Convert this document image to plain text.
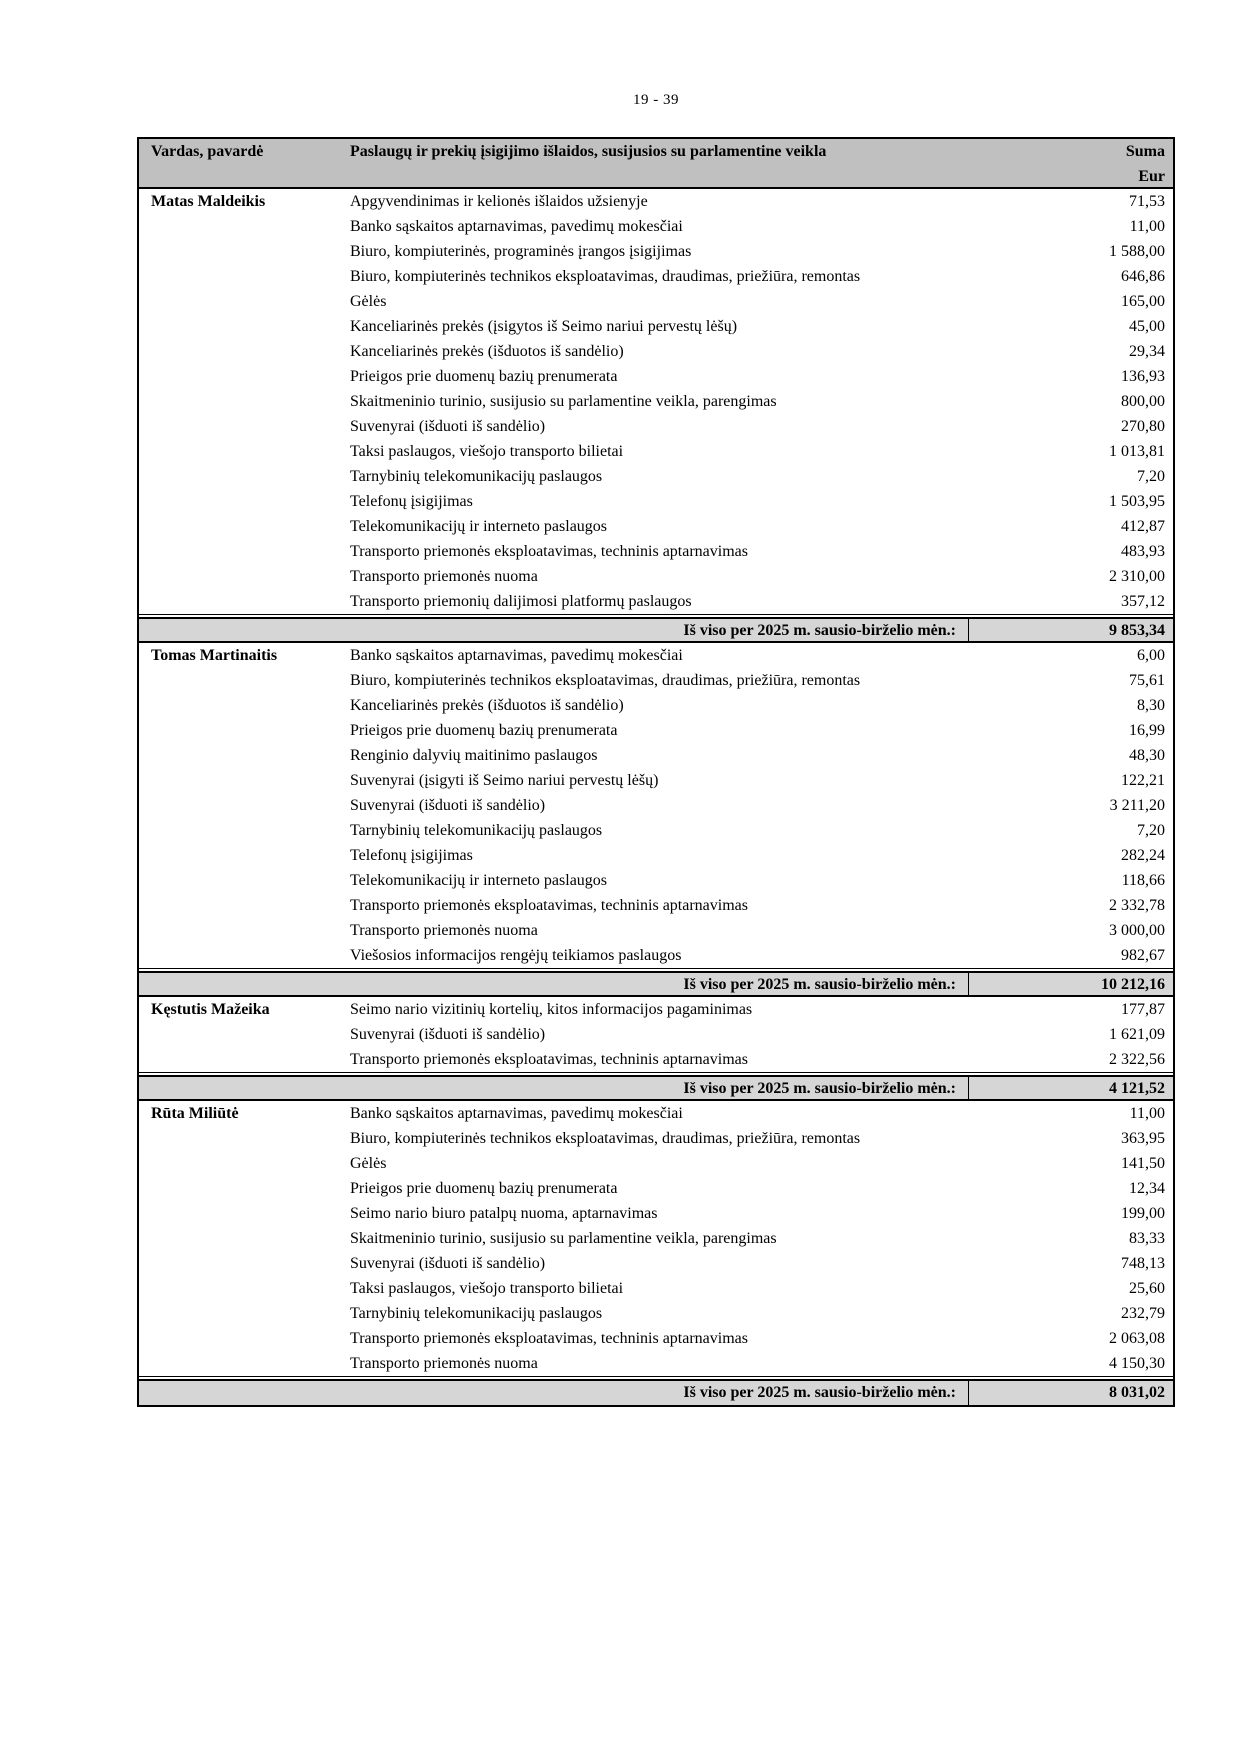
19 - 39
Vardas, pavardė	Paslaugų ir prekių įsigijimo išlaidos, susijusios su parlamentine veikla	Suma
Eur
Matas Maldeikis	Apgyvendinimas ir kelionės išlaidos užsienyje	71,53
Banko sąskaitos aptarnavimas, pavedimų mokesčiai	11,00
Biuro, kompiuterinės, programinės įrangos įsigijimas	1 588,00
Biuro, kompiuterinės technikos eksploatavimas, draudimas, priežiūra, remontas	646,86
Gėlės	165,00
Kanceliarinės prekės (įsigytos iš Seimo nariui pervestų lėšų)	45,00
Kanceliarinės prekės (išduotos iš sandėlio)	29,34
Prieigos prie duomenų bazių prenumerata	136,93
Skaitmeninio turinio, susijusio su parlamentine veikla, parengimas	800,00
Suvenyrai (išduoti iš sandėlio)	270,80
Taksi paslaugos, viešojo transporto bilietai	1 013,81
Tarnybinių telekomunikacijų paslaugos	7,20
Telefonų įsigijimas	1 503,95
Telekomunikacijų ir interneto paslaugos	412,87
Transporto priemonės eksploatavimas, techninis aptarnavimas	483,93
Transporto priemonės nuoma	2 310,00
Transporto priemonių dalijimosi platformų paslaugos	357,12
Iš viso per 2025 m. sausio-birželio mėn.:	9 853,34
Tomas Martinaitis	Banko sąskaitos aptarnavimas, pavedimų mokesčiai	6,00
Biuro, kompiuterinės technikos eksploatavimas, draudimas, priežiūra, remontas	75,61
Kanceliarinės prekės (išduotos iš sandėlio)	8,30
Prieigos prie duomenų bazių prenumerata	16,99
Renginio dalyvių maitinimo paslaugos	48,30
Suvenyrai (įsigyti iš Seimo nariui pervestų lėšų)	122,21
Suvenyrai (išduoti iš sandėlio)	3 211,20
Tarnybinių telekomunikacijų paslaugos	7,20
Telefonų įsigijimas	282,24
Telekomunikacijų ir interneto paslaugos	118,66
Transporto priemonės eksploatavimas, techninis aptarnavimas	2 332,78
Transporto priemonės nuoma	3 000,00
Viešosios informacijos rengėjų teikiamos paslaugos	982,67
Iš viso per 2025 m. sausio-birželio mėn.:	10 212,16
Kęstutis Mažeika	Seimo nario vizitinių kortelių, kitos informacijos pagaminimas	177,87
Suvenyrai (išduoti iš sandėlio)	1 621,09
Transporto priemonės eksploatavimas, techninis aptarnavimas	2 322,56
Iš viso per 2025 m. sausio-birželio mėn.:	4 121,52
Rūta Miliūtė	Banko sąskaitos aptarnavimas, pavedimų mokesčiai	11,00
Biuro, kompiuterinės technikos eksploatavimas, draudimas, priežiūra, remontas	363,95
Gėlės	141,50
Prieigos prie duomenų bazių prenumerata	12,34
Seimo nario biuro patalpų nuoma, aptarnavimas	199,00
Skaitmeninio turinio, susijusio su parlamentine veikla, parengimas	83,33
Suvenyrai (išduoti iš sandėlio)	748,13
Taksi paslaugos, viešojo transporto bilietai	25,60
Tarnybinių telekomunikacijų paslaugos	232,79
Transporto priemonės eksploatavimas, techninis aptarnavimas	2 063,08
Transporto priemonės nuoma	4 150,30
Iš viso per 2025 m. sausio-birželio mėn.:	8 031,02
